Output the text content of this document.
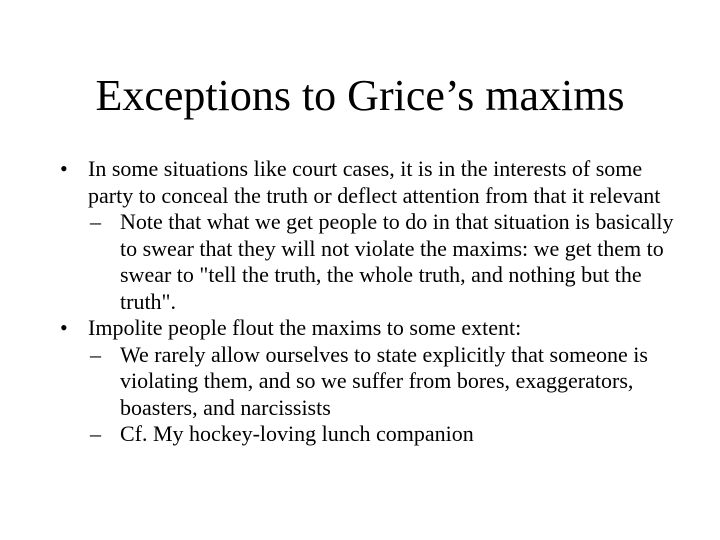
Exceptions to Grice’s maxims
• In some situations like court cases, it is in the interests of some party to conceal the truth or deflect attention from that it relevant
– Note that what we get people to do in that situation is basically to swear that they will not violate the maxims: we get them to swear to "tell the truth, the whole truth, and nothing but the truth".
• Impolite people flout the maxims to some extent:
– We rarely allow ourselves to state explicitly that someone is violating them, and so we suffer from bores, exaggerators, boasters, and narcissists
– Cf. My hockey-loving lunch companion
